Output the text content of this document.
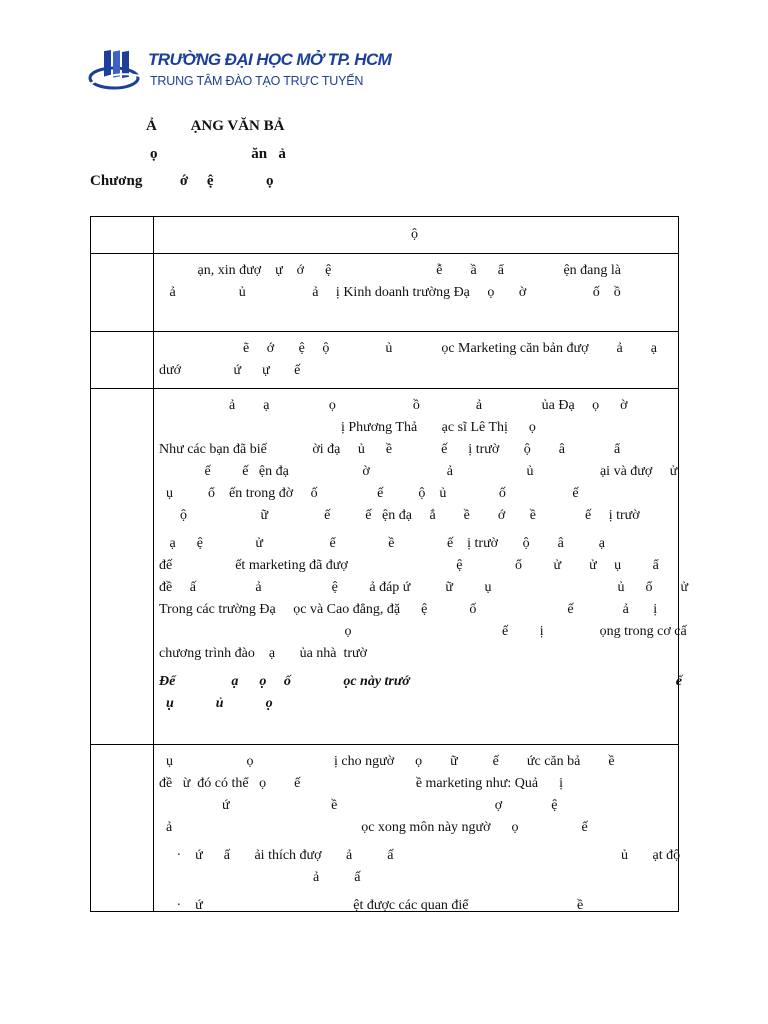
TRƯỜNG ĐẠI HỌC MỞ TP. HCM
TRUNG TÂM ĐÀO TẠO TRỰC TUYẾN
Ả         ẠNG VĂN BẢ
ọ                         ăn   ả
Chương          ớ     ệ              ọ

ộ

ạn, xin đượ    ự    ớ      ệ                              ễ        ầ      ẩ                 ện đang là

ả                  ủ                   ả     ị Kinh doanh trường Đạ     ọ       ờ                   ố    ồ

ẽ     ớ       ệ     ộ                ủ              ọc Marketing căn bản đượ        ả        ạ

dướ               ứ      ự       ế

ả        ạ                 ọ                      ồ                ả                 ủa Đạ     ọ      ờ

ị Phương Thả       ạc sĩ Lê Thị      ọ

Như các bạn đã biế             ời đạ     ủ      ề              ế      ị trườ       ộ        â              ẩ

ế         ế   ện đạ                     ờ                      ả                     ủ                   ại và đượ     ử

ụ          ổ    ến trong đờ     ố                 ế          ộ    ủ               ố                   ế

ộ                     ữ                ế          ế   ện đạ     ắ        ề        ớ       ề              ế     ị trườ

ạ      ệ               ử                   ể               ề               ế    ị trườ       ộ        â          ạ

đế                  ết marketing đã đượ                               ệ               ổ         ử        ử     ụ         ẩ

đề     ấ                 ả                    ệ         ả đáp ứ          ữ         ụ                                    ủ      ổ        ử

Trong các trường Đạ     ọc và Cao đẳng, đặ      ệ            ố                          ế              ả       ị

ọ                                           ế         ị                ọng trong cơ cấ

chương trình đào    ạ       ủa nhà  trườ

Để                ạ      ọ     ố               ọc này trướ                                                                            ế

ụ            ủ            ọ

ụ                     ọ                       ị cho ngườ      ọ        ữ          ế        ức căn bả        ề

đề   ừ  đó có thể   ọ        ế                                 ề marketing như: Quả      ị

ứ                             ề                                             ợ              ệ

ả                                                      ọc xong môn này ngườ      ọ                  ế

·    ứ      ấ       ải thích đượ       ả          ấ                                                                 ủ       ạt độ

ả          ấ

·    ứ                                           ệt được các quan điể                               ề
